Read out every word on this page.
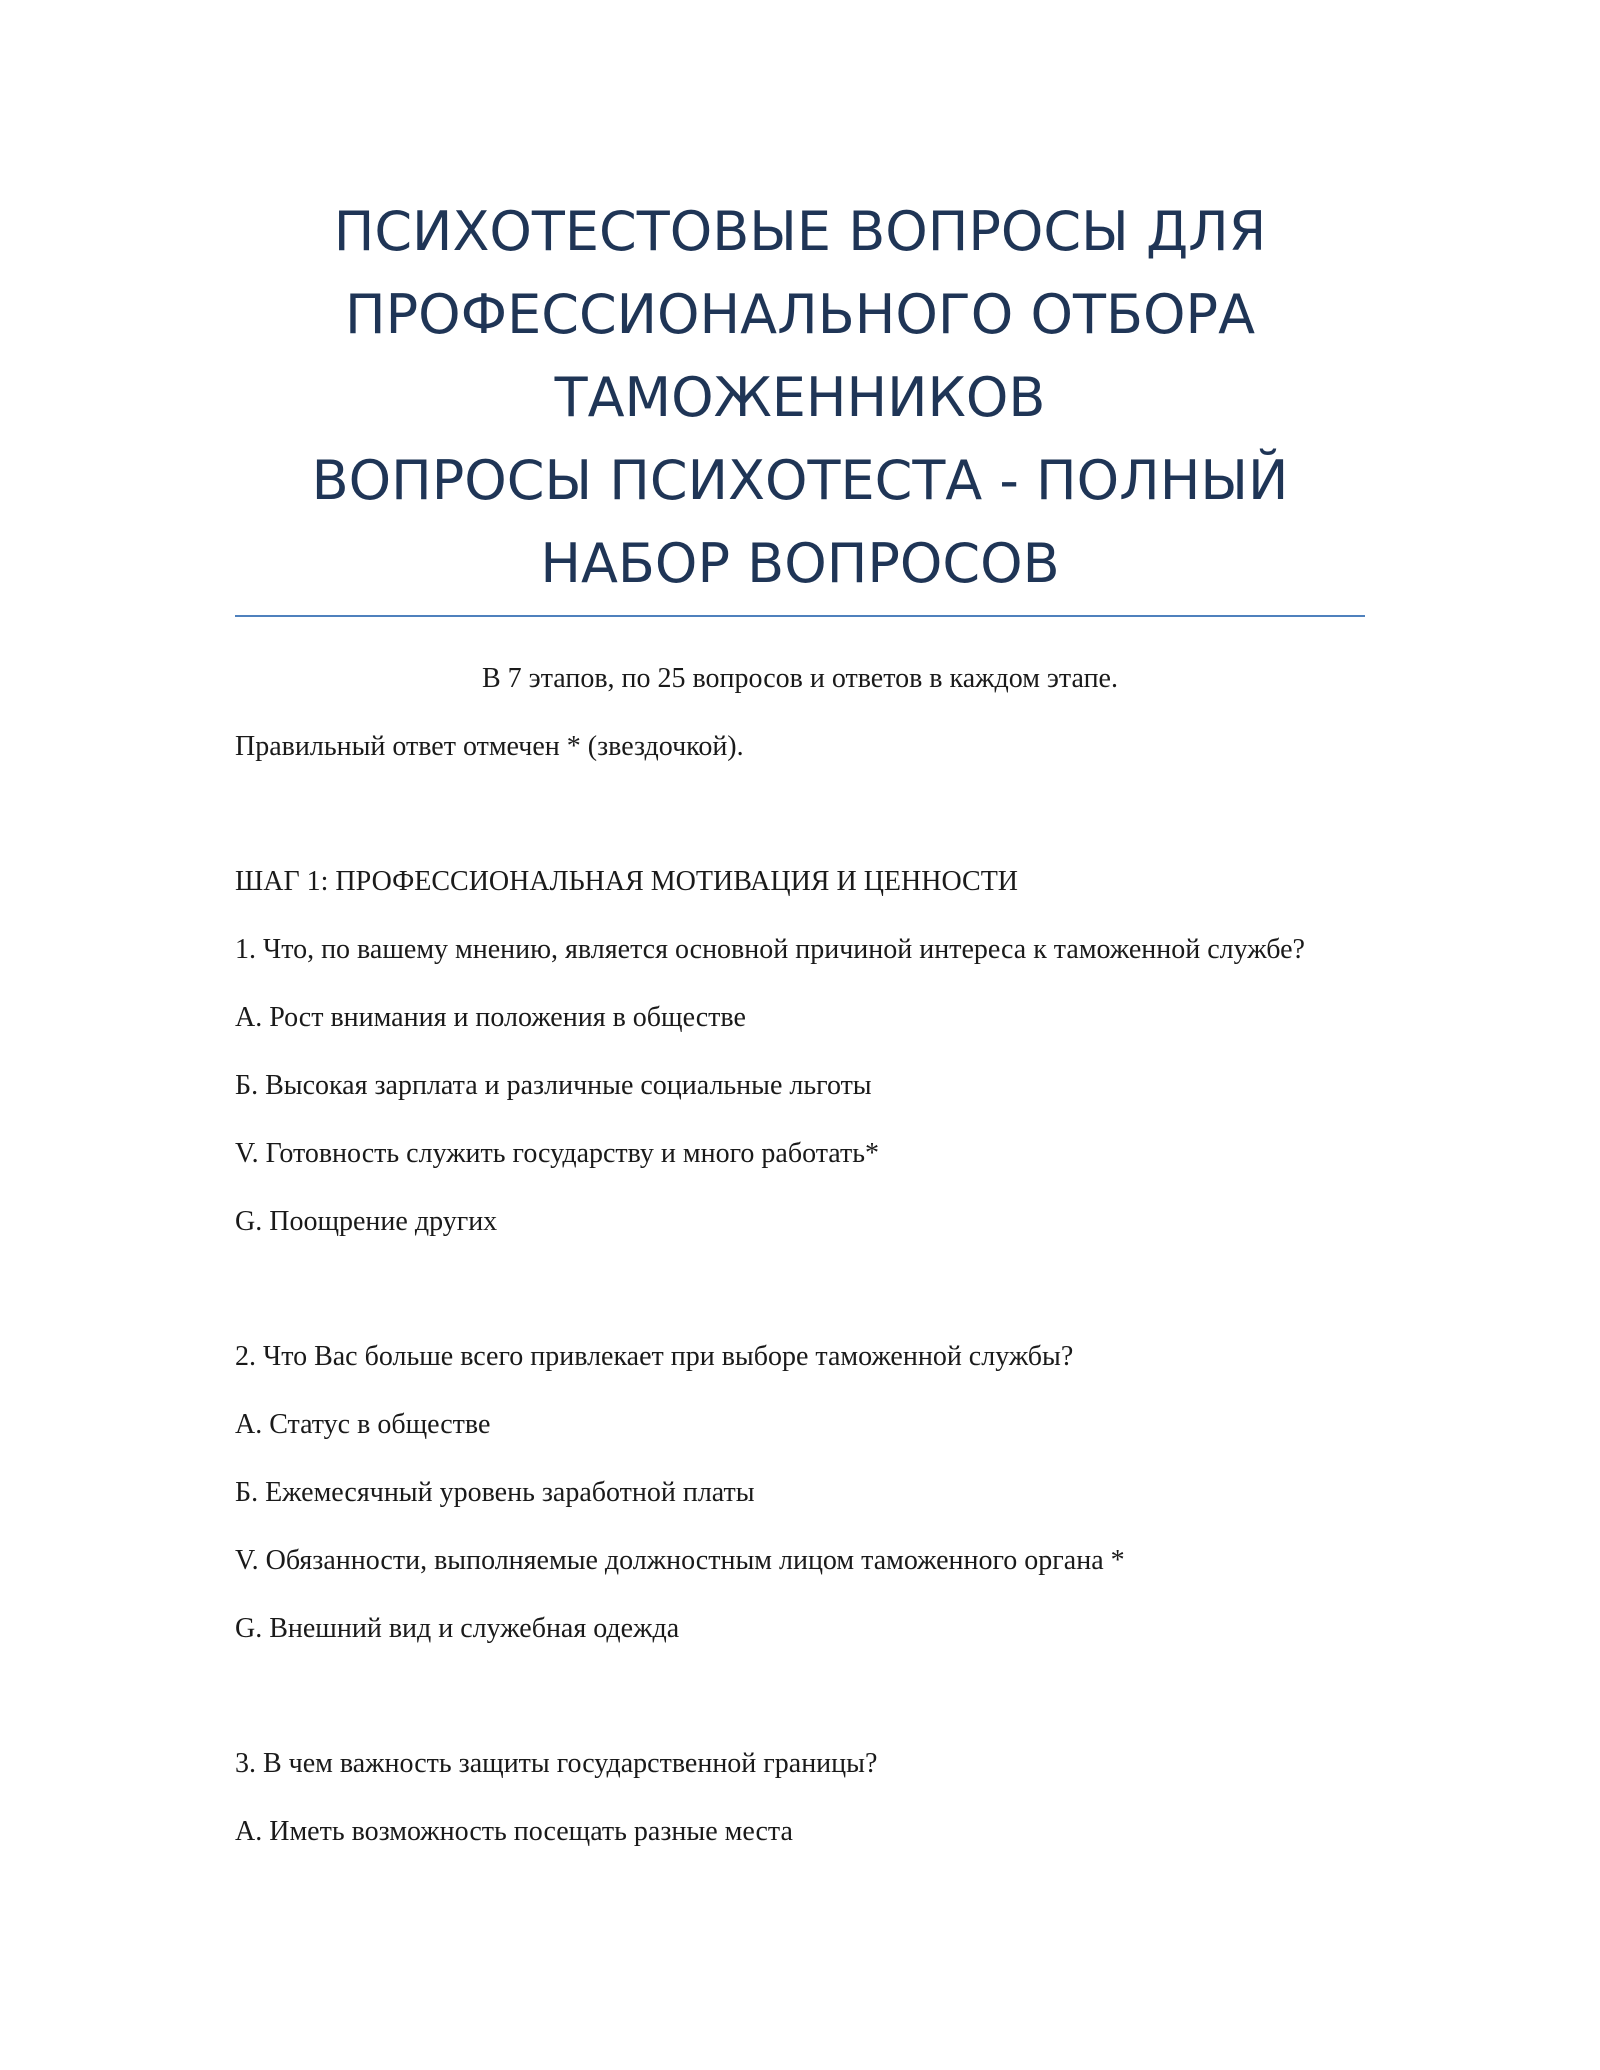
ПСИХОТЕСТОВЫЕ ВОПРОСЫ ДЛЯ
ПРОФЕССИОНАЛЬНОГО ОТБОРА
ТАМОЖЕННИКОВ
ВОПРОСЫ ПСИХОТЕСТА - ПОЛНЫЙ
НАБОР ВОПРОСОВ
В 7 этапов, по 25 вопросов и ответов в каждом этапе.
Правильный ответ отмечен * (звездочкой).
ШАГ 1: ПРОФЕССИОНАЛЬНАЯ МОТИВАЦИЯ И ЦЕННОСТИ
1. Что, по вашему мнению, является основной причиной интереса к таможенной службе?
А. Рост внимания и положения в обществе
Б. Высокая зарплата и различные социальные льготы
V. Готовность служить государству и много работать*
G. Поощрение других
2. Что Вас больше всего привлекает при выборе таможенной службы?
А. Статус в обществе
Б. Ежемесячный уровень заработной платы
V. Обязанности, выполняемые должностным лицом таможенного органа *
G. Внешний вид и служебная одежда
3. В чем важность защиты государственной границы?
А. Иметь возможность посещать разные места
